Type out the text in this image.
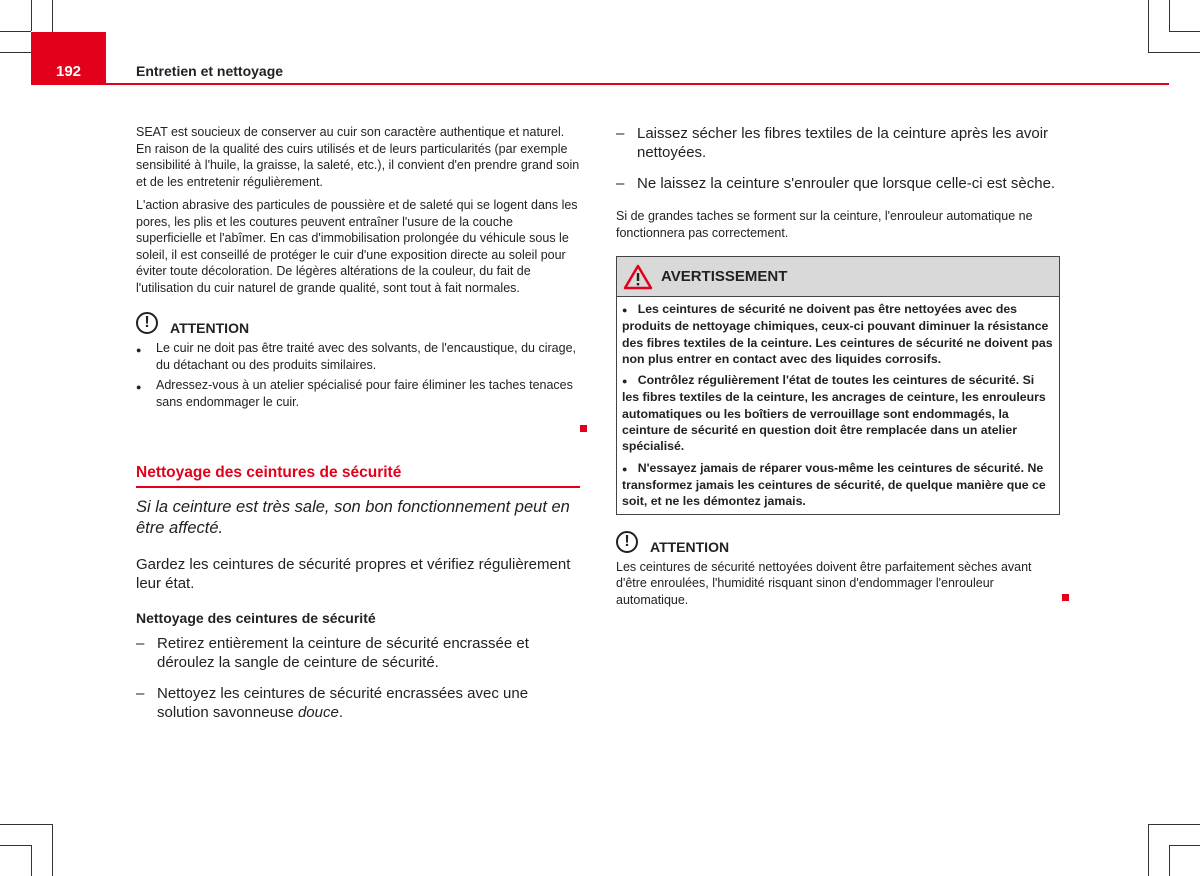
192	Entretien et nettoyage

SEAT est soucieux de conserver au cuir son caractère authentique et naturel. En raison de la qualité des cuirs utilisés et de leurs particularités (par exemple sensibilité à l'huile, la graisse, la saleté, etc.), il convient d'en prendre grand soin et de les entretenir régulièrement.

L'action abrasive des particules de poussière et de saleté qui se logent dans les pores, les plis et les coutures peuvent entraîner l'usure de la couche superficielle et l'abîmer. En cas d'immobilisation prolongée du véhicule sous le soleil, il est conseillé de protéger le cuir d'une exposition directe au soleil pour éviter toute décoloration. De légères altérations de la couleur, du fait de l'utilisation du cuir naturel de grande qualité, sont tout à fait normales.

!	ATTENTION
●	Le cuir ne doit pas être traité avec des solvants, de l'encaustique, du cirage, du détachant ou des produits similaires.
●	Adressez-vous à un atelier spécialisé pour faire éliminer les taches tenaces sans endommager le cuir.
Nettoyage des ceintures de sécurité

Si la ceinture est très sale, son bon fonctionnement peut en être affecté.

Gardez les ceintures de sécurité propres et vérifiez régulièrement leur état.

Nettoyage des ceintures de sécurité
– Retirez entièrement la ceinture de sécurité encrassée et déroulez la sangle de ceinture de sécurité.
– Nettoyez les ceintures de sécurité encrassées avec une solution savonneuse douce.
– Laissez sécher les fibres textiles de la ceinture après les avoir nettoyées.
– Ne laissez la ceinture s'enrouler que lorsque celle-ci est sèche.

Si de grandes taches se forment sur la ceinture, l'enrouleur automatique ne fonctionnera pas correctement.

AVERTISSEMENT
● Les ceintures de sécurité ne doivent pas être nettoyées avec des produits de nettoyage chimiques, ceux-ci pouvant diminuer la résistance des fibres textiles de la ceinture. Les ceintures de sécurité ne doivent pas non plus entrer en contact avec des liquides corrosifs.
● Contrôlez régulièrement l'état de toutes les ceintures de sécurité. Si les fibres textiles de la ceinture, les ancrages de ceinture, les enrouleurs automatiques ou les boîtiers de verrouillage sont endommagés, la ceinture de sécurité en question doit être remplacée dans un atelier spécialisé.
● N'essayez jamais de réparer vous-même les ceintures de sécurité. Ne transformez jamais les ceintures de sécurité, de quelque manière que ce soit, et ne les démontez jamais.
!	ATTENTION

Les ceintures de sécurité nettoyées doivent être parfaitement sèches avant d'être enroulées, l'humidité risquant sinon d'endommager l'enrouleur automatique.
